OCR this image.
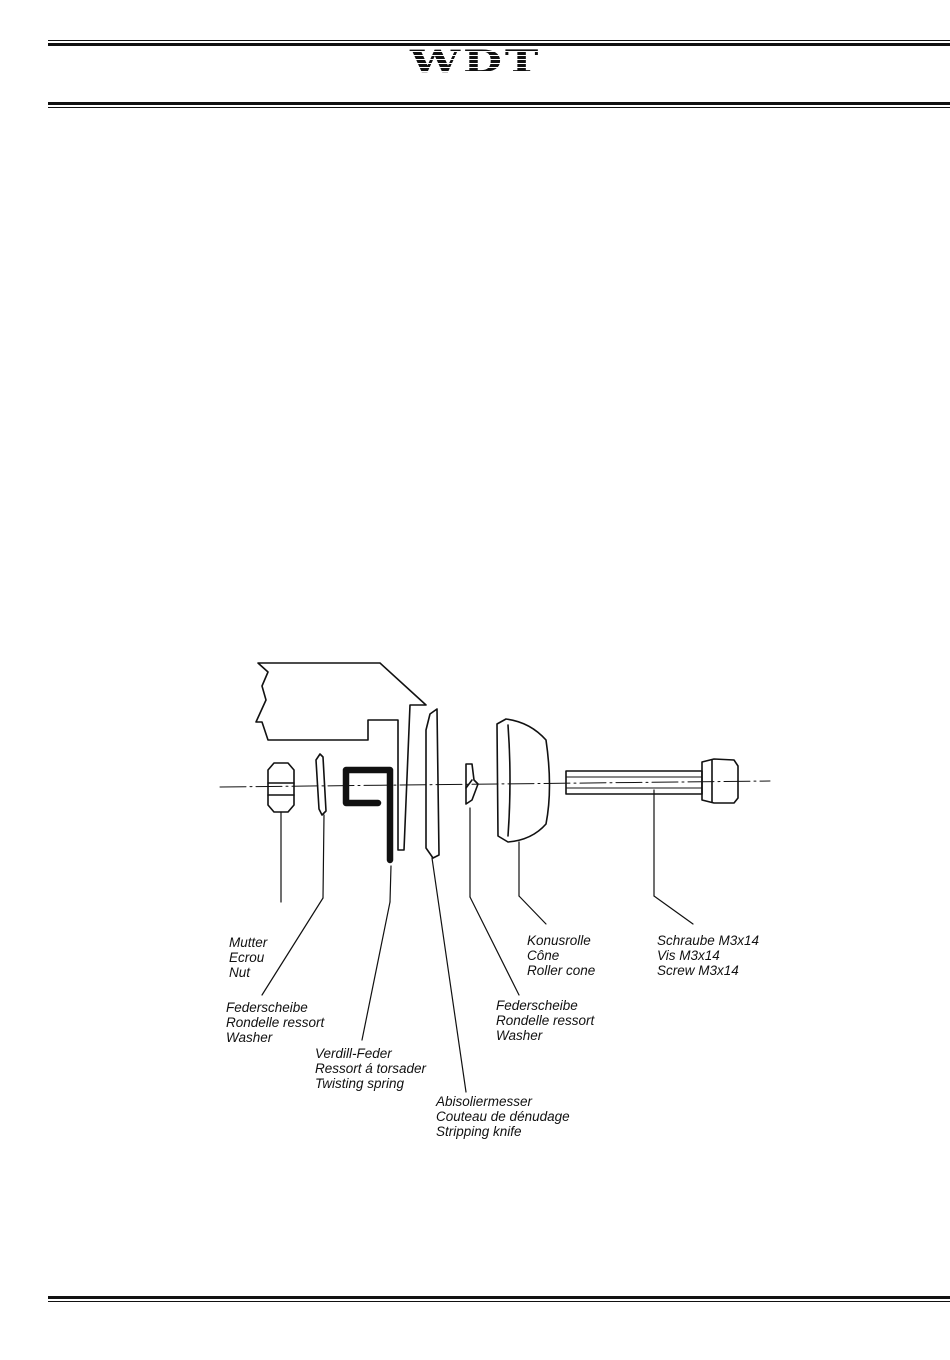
WDT
Mutter
Ecrou
Nut
Federscheibe
Rondelle ressort
Washer
Verdill-Feder
Ressort á torsader
Twisting spring
Abisoliermesser
Couteau de dénudage
Stripping knife
Federscheibe
Rondelle ressort
Washer
Konusrolle
Cône
Roller cone
Schraube M3x14
Vis M3x14
Screw M3x14
